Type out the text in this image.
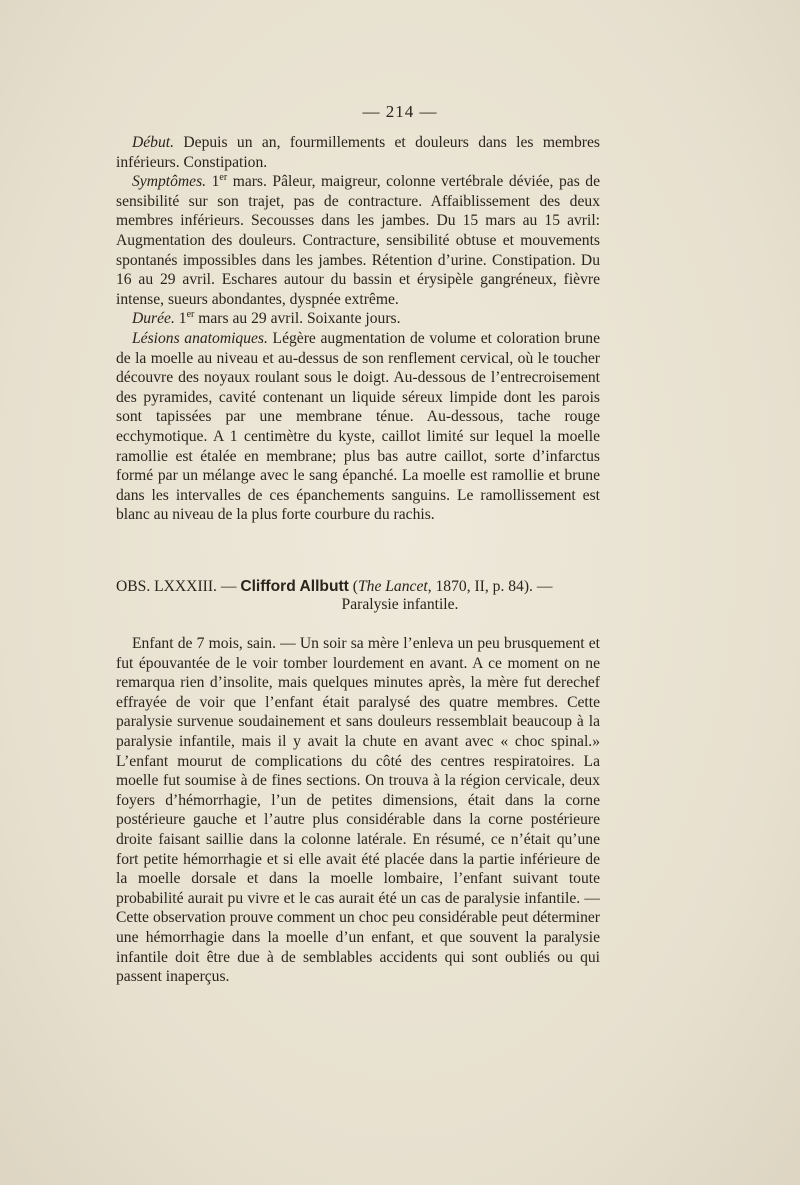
— 214 —

Début. Depuis un an, fourmillements et douleurs dans les membres inférieurs. Constipation.

Symptômes. 1er mars. Pâleur, maigreur, colonne vertébrale déviée, pas de sensibilité sur son trajet, pas de contracture. Affaiblissement des deux membres inférieurs. Secousses dans les jambes. Du 15 mars au 15 avril: Augmentation des douleurs. Contracture, sensibilité obtuse et mouvements spontanés impossibles dans les jambes. Rétention d’urine. Constipation. Du 16 au 29 avril. Eschares autour du bassin et érysipèle gangréneux, fièvre intense, sueurs abondantes, dyspnée extrême.

Durée. 1er mars au 29 avril. Soixante jours.

Lésions anatomiques. Légère augmentation de volume et coloration brune de la moelle au niveau et au-dessus de son renflement cervical, où le toucher découvre des noyaux roulant sous le doigt. Au-dessous de l’entrecroisement des pyramides, cavité contenant un liquide séreux limpide dont les parois sont tapissées par une membrane ténue. Au-dessous, tache rouge ecchymotique. A 1 centimètre du kyste, caillot limité sur lequel la moelle ramollie est étalée en membrane; plus bas autre caillot, sorte d’infarctus formé par un mélange avec le sang épanché. La moelle est ramollie et brune dans les intervalles de ces épanchements sanguins. Le ramollissement est blanc au niveau de la plus forte courbure du rachis.

OBS. LXXXIII. — Clifford Allbutt (The Lancet, 1870, II, p. 84). —
Paralysie infantile.

Enfant de 7 mois, sain. — Un soir sa mère l’enleva un peu brusquement et fut épouvantée de le voir tomber lourdement en avant. A ce moment on ne remarqua rien d’insolite, mais quelques minutes après, la mère fut derechef effrayée de voir que l’enfant était paralysé des quatre membres. Cette paralysie survenue soudainement et sans douleurs ressemblait beaucoup à la paralysie infantile, mais il y avait la chute en avant avec « choc spinal.» L’enfant mourut de complications du côté des centres respiratoires. La moelle fut soumise à de fines sections. On trouva à la région cervicale, deux foyers d’hémorrhagie, l’un de petites dimensions, était dans la corne postérieure gauche et l’autre plus considérable dans la corne postérieure droite faisant saillie dans la colonne latérale. En résumé, ce n’était qu’une fort petite hémorrhagie et si elle avait été placée dans la partie inférieure de la moelle dorsale et dans la moelle lombaire, l’enfant suivant toute probabilité aurait pu vivre et le cas aurait été un cas de paralysie infantile. — Cette observation prouve comment un choc peu considérable peut déterminer une hémorrhagie dans la moelle d’un enfant, et que souvent la paralysie infantile doit être due à de semblables accidents qui sont oubliés ou qui passent inaperçus.
